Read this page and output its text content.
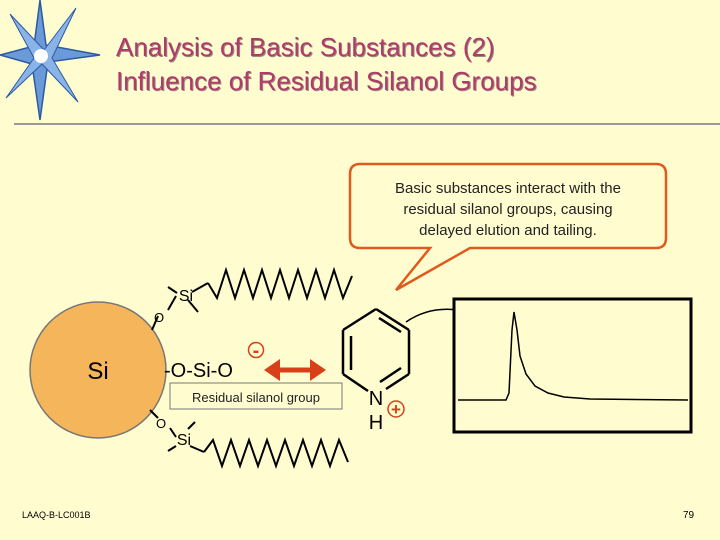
Si
O
Si
-O-Si-O
-
Residual silanol group
O
Si
N
H
+
Analysis of Basic Substances (2)
Influence of Residual Silanol Groups
Basic substances interact with the
residual silanol groups, causing
delayed elution and tailing.
LAAQ-B-LC001B	79
